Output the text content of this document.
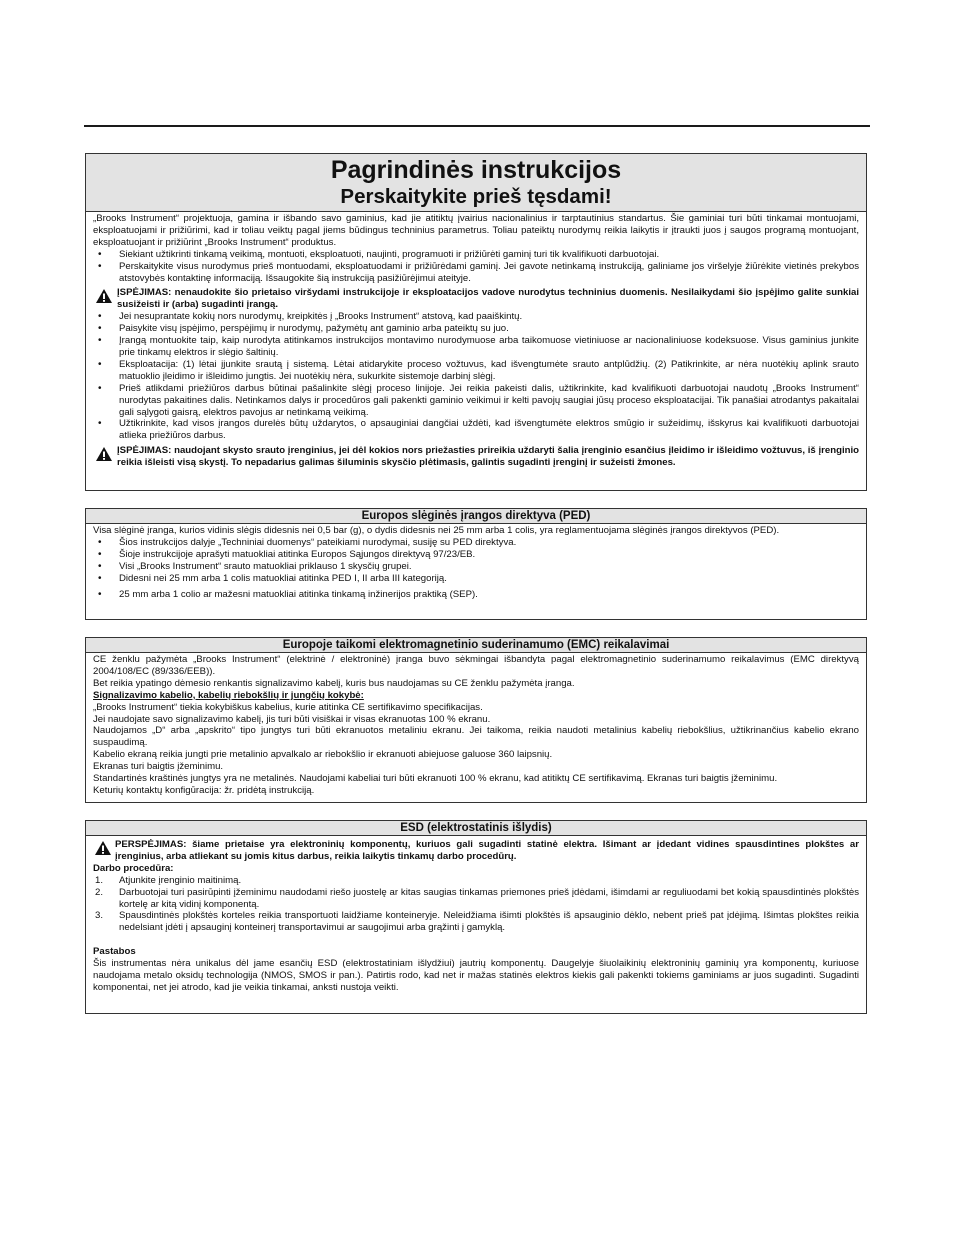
Pagrindinės instrukcijos
Perskaitykite prieš tęsdami!

„Brooks Instrument“ projektuoja, gamina ir išbando savo gaminius, kad jie atitiktų įvairius nacionalinius ir tarptautinius standartus. Šie gaminiai turi būti tinkamai montuojami, eksploatuojami ir prižiūrimi, kad ir toliau veiktų pagal jiems būdingus techninius parametrus. Toliau pateiktų nurodymų reikia laikytis ir įtraukti juos į saugos programą montuojant, eksploatuojant ir prižiūrint „Brooks Instrument“ produktus.

• Siekiant užtikrinti tinkamą veikimą, montuoti, eksploatuoti, naujinti, programuoti ir prižiūrėti gaminį turi tik kvalifikuoti darbuotojai.
• Perskaitykite visus nurodymus prieš montuodami, eksploatuodami ir prižiūrėdami gaminį. Jei gavote netinkamą instrukciją, galiniame jos viršelyje žiūrėkite vietinės prekybos atstovybės kontaktinę informaciją. Išsaugokite šią instrukciją pasižiūrėjimui ateityje.
ĮSPĖJIMAS: nenaudokite šio prietaiso viršydami instrukcijoje ir eksploatacijos vadove nurodytus techninius duomenis. Nesilaikydami šio įspėjimo galite sunkiai susižeisti ir (arba) sugadinti įrangą.
• Jei nesuprantate kokių nors nurodymų, kreipkitės į „Brooks Instrument“ atstovą, kad paaiškintų.
• Paisykite visų įspėjimo, perspėjimų ir nurodymų, pažymėtų ant gaminio arba pateiktų su juo.
• Įrangą montuokite taip, kaip nurodyta atitinkamos instrukcijos montavimo nurodymuose arba taikomuose vietiniuose ar nacionaliniuose kodeksuose. Visus gaminius junkite prie tinkamų elektros ir slėgio šaltinių.
• Eksploatacija: (1) lėtai įjunkite srautą į sistemą. Lėtai atidarykite proceso vožtuvus, kad išvengtumėte srauto antplūdžių. (2) Patikrinkite, ar nėra nuotėkių aplink srauto matuoklio įleidimo ir išleidimo jungtis. Jei nuotėkių nėra, sukurkite sistemoje darbinį slėgį.
• Prieš atlikdami priežiūros darbus būtinai pašalinkite slėgį proceso linijoje. Jei reikia pakeisti dalis, užtikrinkite, kad kvalifikuoti darbuotojai naudotų „Brooks Instrument“ nurodytas pakaitines dalis. Netinkamos dalys ir procedūros gali pakenkti gaminio veikimui ir kelti pavojų saugiai jūsų proceso eksploatacijai. Tik panašiai atrodantys pakaitalai gali sąlygoti gaisrą, elektros pavojus ar netinkamą veikimą.
• Užtikrinkite, kad visos įrangos durelės būtų uždarytos, o apsauginiai dangčiai uždėti, kad išvengtumėte elektros smūgio ir sužeidimų, išskyrus kai kvalifikuoti darbuotojai atlieka priežiūros darbus.
ĮSPĖJIMAS: naudojant skysto srauto įrenginius, jei dėl kokios nors priežasties prireikia uždaryti šalia įrenginio esančius įleidimo ir išleidimo vožtuvus, iš įrenginio reikia išleisti visą skystį. To nepadarius galimas šiluminis skysčio plėtimasis, galintis sugadinti įrenginį ir sužeisti žmones.
Europos slėginės įrangos direktyva (PED)

Visa slėginė įranga, kurios vidinis slėgis didesnis nei 0,5 bar (g), o dydis didesnis nei 25 mm arba 1 colis, yra reglamentuojama slėginės įrangos direktyvos (PED).

• Šios instrukcijos dalyje „Techniniai duomenys“ pateikiami nurodymai, susiję su PED direktyva.
• Šioje instrukcijoje aprašyti matuokliai atitinka Europos Sąjungos direktyvą 97/23/EB.
• Visi „Brooks Instrument“ srauto matuokliai priklauso 1 skysčių grupei.
• Didesni nei 25 mm arba 1 colis matuokliai atitinka PED I, II arba III kategoriją.
• 25 mm arba 1 colio ar mažesni matuokliai atitinka tinkamą inžinerijos praktiką (SEP).
Europoje taikomi elektromagnetinio suderinamumo (EMC) reikalavimai

CE ženklu pažymėta „Brooks Instrument“ (elektrinė / elektroninė) įranga buvo sėkmingai išbandyta pagal elektromagnetinio suderinamumo reikalavimus (EMC direktyvą 2004/108/EC (89/336/EEB)).

Bet reikia ypatingo dėmesio renkantis signalizavimo kabelį, kuris bus naudojamas su CE ženklu pažymėta įranga.

Signalizavimo kabelio, kabelių riebokšlių ir jungčių kokybė:

„Brooks Instrument“ tiekia kokybiškus kabelius, kurie atitinka CE sertifikavimo specifikacijas.

Jei naudojate savo signalizavimo kabelį, jis turi būti visiškai ir visas ekranuotas 100 % ekranu.

Naudojamos „D“ arba „apskrito“ tipo jungtys turi būti ekranuotos metaliniu ekranu. Jei taikoma, reikia naudoti metalinius kabelių riebokšlius, užtikrinančius kabelio ekrano suspaudimą.

Kabelio ekraną reikia jungti prie metalinio apvalkalo ar riebokšlio ir ekranuoti abiejuose galuose 360 laipsnių.

Ekranas turi baigtis įžeminimu.

Standartinės kraštinės jungtys yra ne metalinės. Naudojami kabeliai turi būti ekranuoti 100 % ekranu, kad atitiktų CE sertifikavimą. Ekranas turi baigtis įžeminimu.

Keturių kontaktų konfigūracija: žr. pridėtą instrukciją.

ESD (elektrostatinis išlydis)
PERSPĖJIMAS: šiame prietaise yra elektroninių komponentų, kuriuos gali sugadinti statinė elektra. Išimant ar įdedant vidines spausdintines plokštes ar įrenginius, arba atliekant su jomis kitus darbus, reikia laikytis tinkamų darbo procedūrų.

Darbo procedūra:

1. Atjunkite įrenginio maitinimą.
2. Darbuotojai turi pasirūpinti įžeminimu naudodami riešo juostelę ar kitas saugias tinkamas priemones prieš įdėdami, išimdami ar reguliuodami bet kokią spausdintinės plokštės kortelę ar kitą vidinį komponentą.
3. Spausdintinės plokštės korteles reikia transportuoti laidžiame konteineryje. Neleidžiama išimti plokštės iš apsauginio dėklo, nebent prieš pat įdėjimą. Išimtas plokštes reikia nedelsiant įdėti į apsauginį konteinerį transportavimui ar saugojimui arba grąžinti į gamyklą.

Pastabos

Šis instrumentas nėra unikalus dėl jame esančių ESD (elektrostatiniam išlydžiui) jautrių komponentų. Daugelyje šiuolaikinių elektroninių gaminių yra komponentų, kuriuose naudojama metalo oksidų technologija (NMOS, SMOS ir pan.). Patirtis rodo, kad net ir mažas statinės elektros kiekis gali pakenkti tokiems gaminiams ar juos sugadinti. Sugadinti komponentai, net jei atrodo, kad jie veikia tinkamai, anksti nustoja veikti.
